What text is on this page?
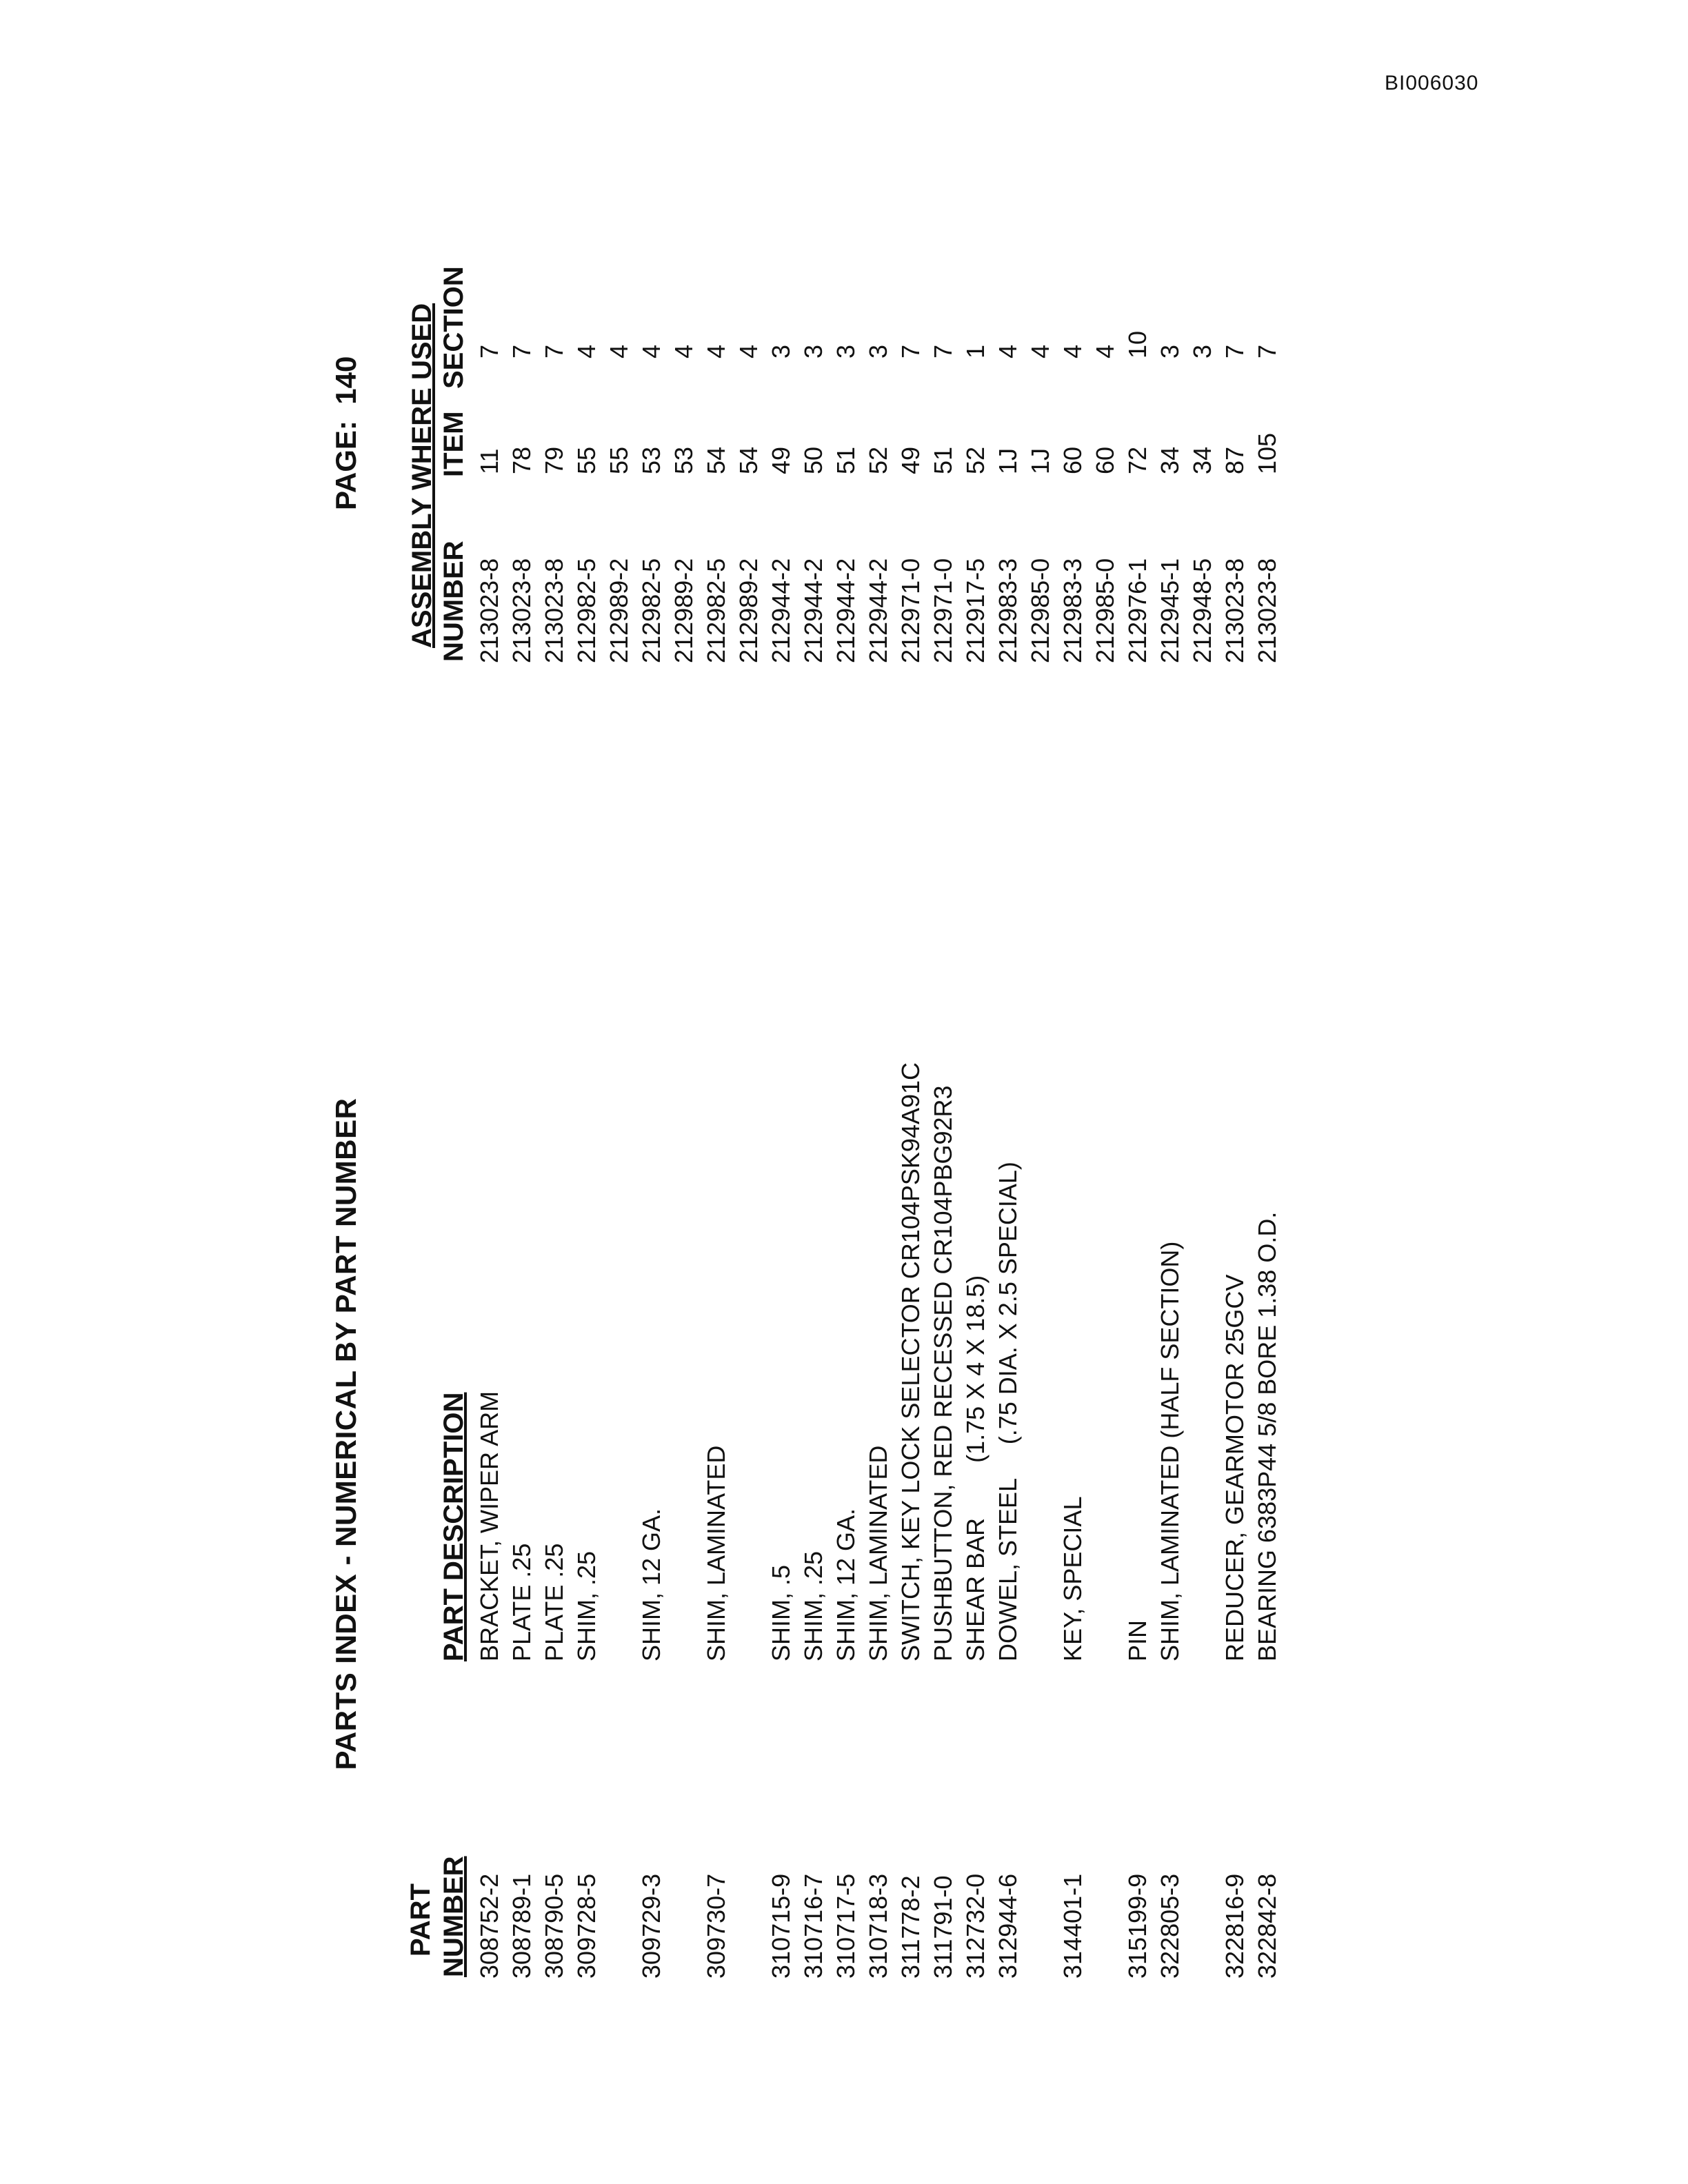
BI006030
PARTS INDEX - NUMERICAL BY PART NUMBER
PAGE:  140
PART NUMBER
PART DESCRIPTION
ASSEMBLY WHERE USED NUMBER
ITEM
SECTION
308752-2
BRACKET, WIPER ARM
213023-8
11
7
308789-1
PLATE .25
213023-8
78
7
308790-5
PLATE .25
213023-8
79
7
309728-5
SHIM, .25
212982-5
55
4
212989-2
55
4
309729-3
SHIM, 12 GA.
212982-5
53
4
212989-2
53
4
309730-7
SHIM, LAMINATED
212982-5
54
4
212989-2
54
4
310715-9
SHIM, .5
212944-2
49
3
310716-7
SHIM, .25
212944-2
50
3
310717-5
SHIM, 12 GA.
212944-2
51
3
310718-3
SHIM, LAMINATED
212944-2
52
3
311778-2
SWITCH, KEY LOCK SELECTOR CR104PSK94A91C
212971-0
49
7
311791-0
PUSHBUTTON, RED RECESSED CR104PBG92R3
212971-0
51
7
312732-0
SHEAR BAR        (1.75 X 4 X 18.5)
212917-5
52
1
312944-6
DOWEL, STEEL     (.75 DIA. X 2.5 SPECIAL)
212983-3
1J
4
212985-0
1J
4
314401-1
KEY, SPECIAL
212983-3
60
4
212985-0
60
4
315199-9
PIN
212976-1
72
10
322805-3
SHIM, LAMINATED (HALF SECTION)
212945-1
34
3
212948-5
34
3
322816-9
REDUCER, GEARMOTOR 25GCV
213023-8
87
7
322842-8
BEARING 6383P44 5/8 BORE 1.38 O.D.
213023-8
105
7
